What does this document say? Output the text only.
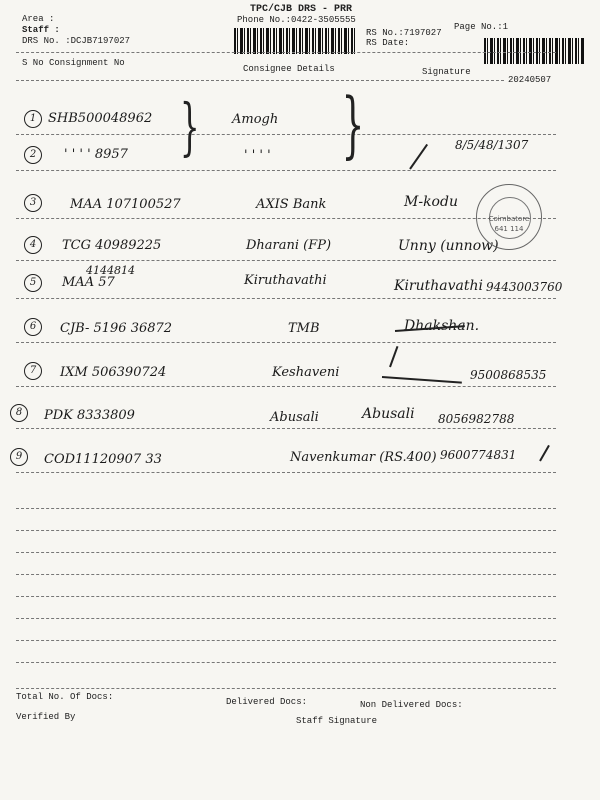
Area :
Staff :
DRS No. :DCJB7197027
TPC/CJB DRS - PRR
Phone No.:0422-3505555
RS No.:7197027
RS Date:
Page No.:1
S No Consignment No
Consignee Details	Signature
20240507
1 SHB500048962	Amogh
2	' ' ' ' 8957	' ' ' '
8/5/48/1307
3	MAA 107100527	AXIS Bank	M-kodu
4	TCG 40989225	Dharani (FP)	Unny (unnow)
5	MAA 57	Kiruthavathi	Kiruthavathi 9443003760
4144814
6	CJB- 5196 36872	TMB	Dhakshan.
7	IXM 506390724	Keshaveni	9500868535
8	PDK 8333809	Abusali	Abusali 8056982788
9	COD11120907 33	Navenkumar (RS.400) 9600774831
} }
Coimbatore
641 114
Total No. Of Docs:	Delivered Docs:	Non Delivered Docs:
Verified By	Staff Signature
